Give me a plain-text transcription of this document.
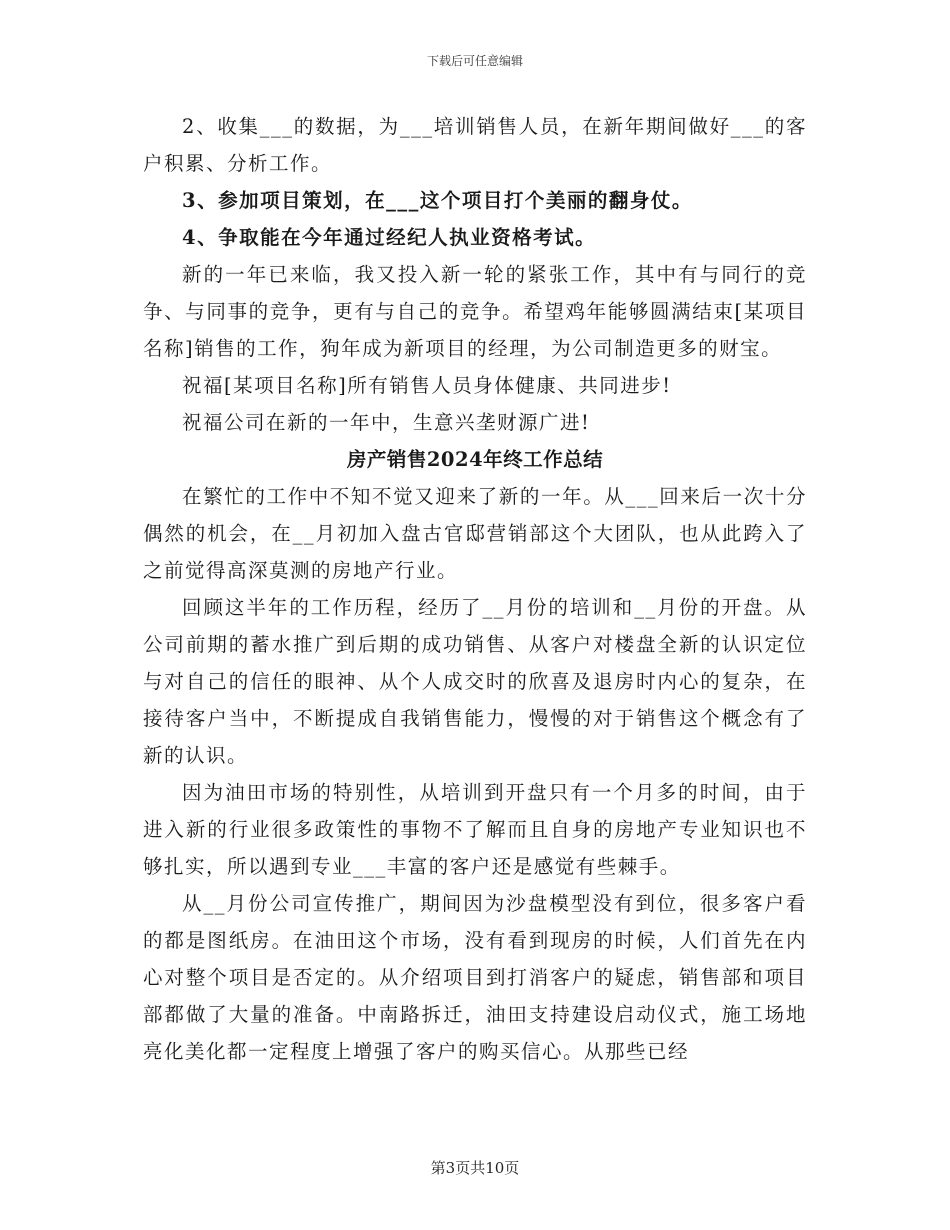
下载后可任意编辑

2、收集___的数据，为___培训销售人员，在新年期间做好___的客户积累、分析工作。

3、参加项目策划，在___这个项目打个美丽的翻身仗。

4、争取能在今年通过经纪人执业资格考试。

新的一年已来临，我又投入新一轮的紧张工作，其中有与同行的竞争、与同事的竞争，更有与自己的竞争。希望鸡年能够圆满结束[某项目名称]销售的工作，狗年成为新项目的经理，为公司制造更多的财宝。

祝福[某项目名称]所有销售人员身体健康、共同进步!

祝福公司在新的一年中，生意兴垄财源广进!

房产销售2024年终工作总结

在繁忙的工作中不知不觉又迎来了新的一年。从___回来后一次十分偶然的机会，在__月初加入盘古官邸营销部这个大团队，也从此跨入了之前觉得高深莫测的房地产行业。

回顾这半年的工作历程，经历了__月份的培训和__月份的开盘。从公司前期的蓄水推广到后期的成功销售、从客户对楼盘全新的认识定位与对自己的信任的眼神、从个人成交时的欣喜及退房时内心的复杂，在接待客户当中，不断提成自我销售能力，慢慢的对于销售这个概念有了新的认识。

因为油田市场的特别性，从培训到开盘只有一个月多的时间，由于进入新的行业很多政策性的事物不了解而且自身的房地产专业知识也不够扎实，所以遇到专业___丰富的客户还是感觉有些棘手。

从__月份公司宣传推广，期间因为沙盘模型没有到位，很多客户看的都是图纸房。在油田这个市场，没有看到现房的时候，人们首先在内心对整个项目是否定的。从介绍项目到打消客户的疑虑，销售部和项目部都做了大量的准备。中南路拆迁，油田支持建设启动仪式，施工场地亮化美化都一定程度上增强了客户的购买信心。从那些已经

第3页共10页
